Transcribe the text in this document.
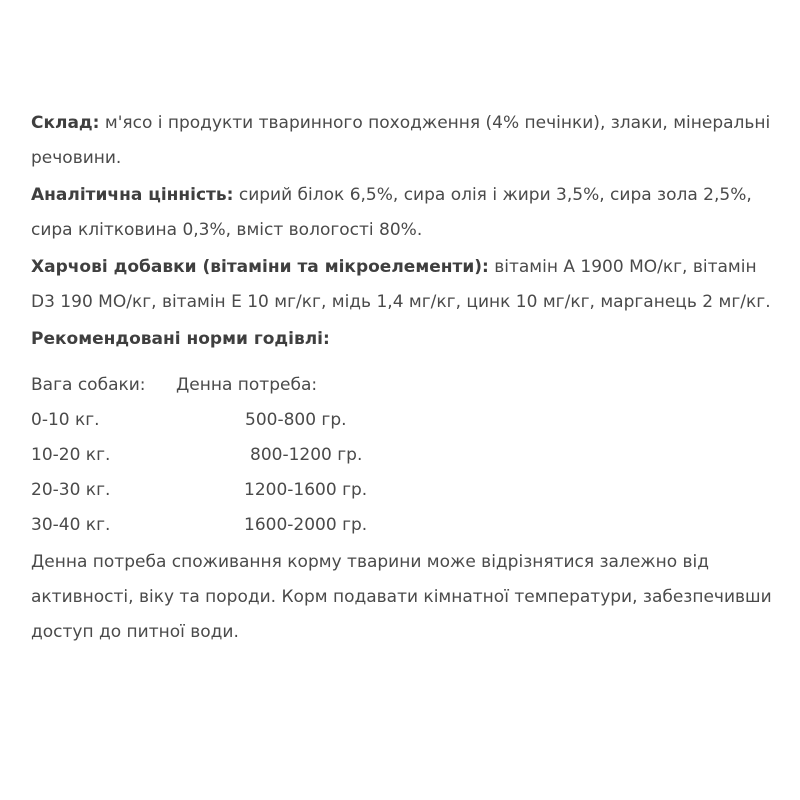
Склад: м'ясо і продукти тваринного походження (4% печінки), злаки, мінеральні речовини.

Аналітична цінність: сирий білок 6,5%, сира олія і жири 3,5%, сира зола 2,5%, сира клітковина 0,3%, вміст вологості 80%.

Харчові добавки (вітаміни та мікроелементи): вітамін A 1900 МО/кг, вітамін D3 190 МО/кг, вітамін E 10 мг/кг, мідь 1,4 мг/кг, цинк 10 мг/кг, марганець 2 мг/кг.

Рекомендовані норми годівлі:
Вага собаки: Денна потреба:
0-10 кг.	500-800 гр.
10-20 кг.	800-1200 гр.
20-30 кг.	1200-1600 гр.
30-40 кг.	1600-2000 гр.

Денна потреба споживання корму тварини може відрізнятися залежно від активності, віку та породи. Корм подавати кімнатної температури, забезпечивши доступ до питної води.
